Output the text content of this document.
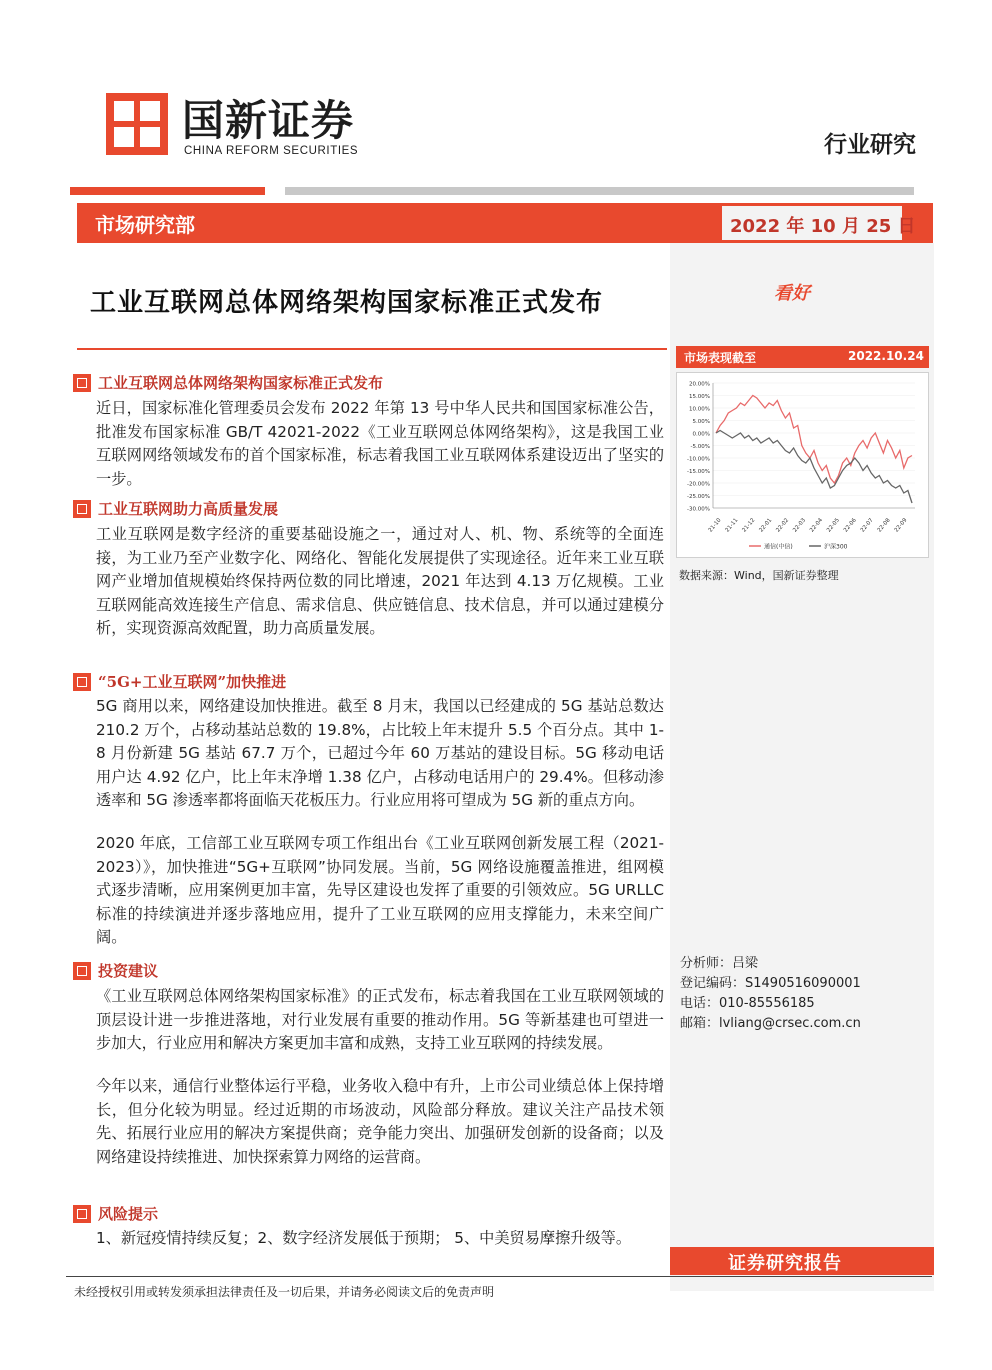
国新证券
CHINA REFORM SECURITIES	行业研究
市场研究部	2022 年 10 月 25 日
工业互联网总体网络架构国家标准正式发布	看好
市场表现截至	2022.10.24
20.00%
15.00%
10.00%
5.00%
0.00%
-5.00%
-10.00%
-15.00%
-20.00%
-25.00%
-30.00%
21-10 21-11 21-12 22-01 22-02 22-03 22-04 22-05 22-06 22-07 22-08 22-09
通信(中信)	沪深300
数据来源：Wind，国新证券整理
工业互联网总体网络架构国家标准正式发布

近日，国家标准化管理委员会发布 2022 年第 13 号中华人民共和国国家标准公告，批准发布国家标准 GB/T 42021-2022《工业互联网总体网络架构》，这是我国工业互联网网络领域发布的首个国家标准，标志着我国工业互联网体系建设迈出了坚实的一步。

工业互联网助力高质量发展

工业互联网是数字经济的重要基础设施之一，通过对人、机、物、系统等的全面连接，为工业乃至产业数字化、网络化、智能化发展提供了实现途径。近年来工业互联网产业增加值规模始终保持两位数的同比增速，2021 年达到 4.13 万亿规模。工业互联网能高效连接生产信息、需求信息、供应链信息、技术信息，并可以通过建模分析，实现资源高效配置，助力高质量发展。

“5G+工业互联网”加快推进

5G 商用以来，网络建设加快推进。截至 8 月末，我国以已经建成的 5G 基站总数达 210.2 万个，占移动基站总数的 19.8%，占比较上年末提升 5.5 个百分点。其中 1-8 月份新建 5G 基站 67.7 万个，已超过今年 60 万基站的建设目标。5G 移动电话用户达 4.92 亿户，比上年末净增 1.38 亿户，占移动电话用户的 29.4%。但移动渗透率和 5G 渗透率都将面临天花板压力。行业应用将可望成为 5G 新的重点方向。

2020 年底，工信部工业互联网专项工作组出台《工业互联网创新发展工程（2021-2023）》，加快推进“5G+互联网”协同发展。当前，5G 网络设施覆盖推进，组网模式逐步清晰，应用案例更加丰富，先导区建设也发挥了重要的引领效应。5G URLLC 标准的持续演进并逐步落地应用，提升了工业互联网的应用支撑能力，未来空间广阔。

投资建议

《工业互联网总体网络架构国家标准》的正式发布，标志着我国在工业互联网领域的顶层设计进一步推进落地，对行业发展有重要的推动作用。5G 等新基建也可望进一步加大，行业应用和解决方案更加丰富和成熟，支持工业互联网的持续发展。

今年以来，通信行业整体运行平稳，业务收入稳中有升，上市公司业绩总体上保持增长，但分化较为明显。经过近期的市场波动，风险部分释放。建议关注产品技术领先、拓展行业应用的解决方案提供商；竞争能力突出、加强研发创新的设备商；以及网络建设持续推进、加快探索算力网络的运营商。

风险提示

1、新冠疫情持续反复；2、数字经济发展低于预期； 5、中美贸易摩擦升级等。

分析师：吕梁
登记编码：S1490516090001
电话：010-85556185
邮箱：lvliang@crsec.com.cn
证券研究报告
未经授权引用或转发须承担法律责任及一切后果，并请务必阅读文后的免责声明
